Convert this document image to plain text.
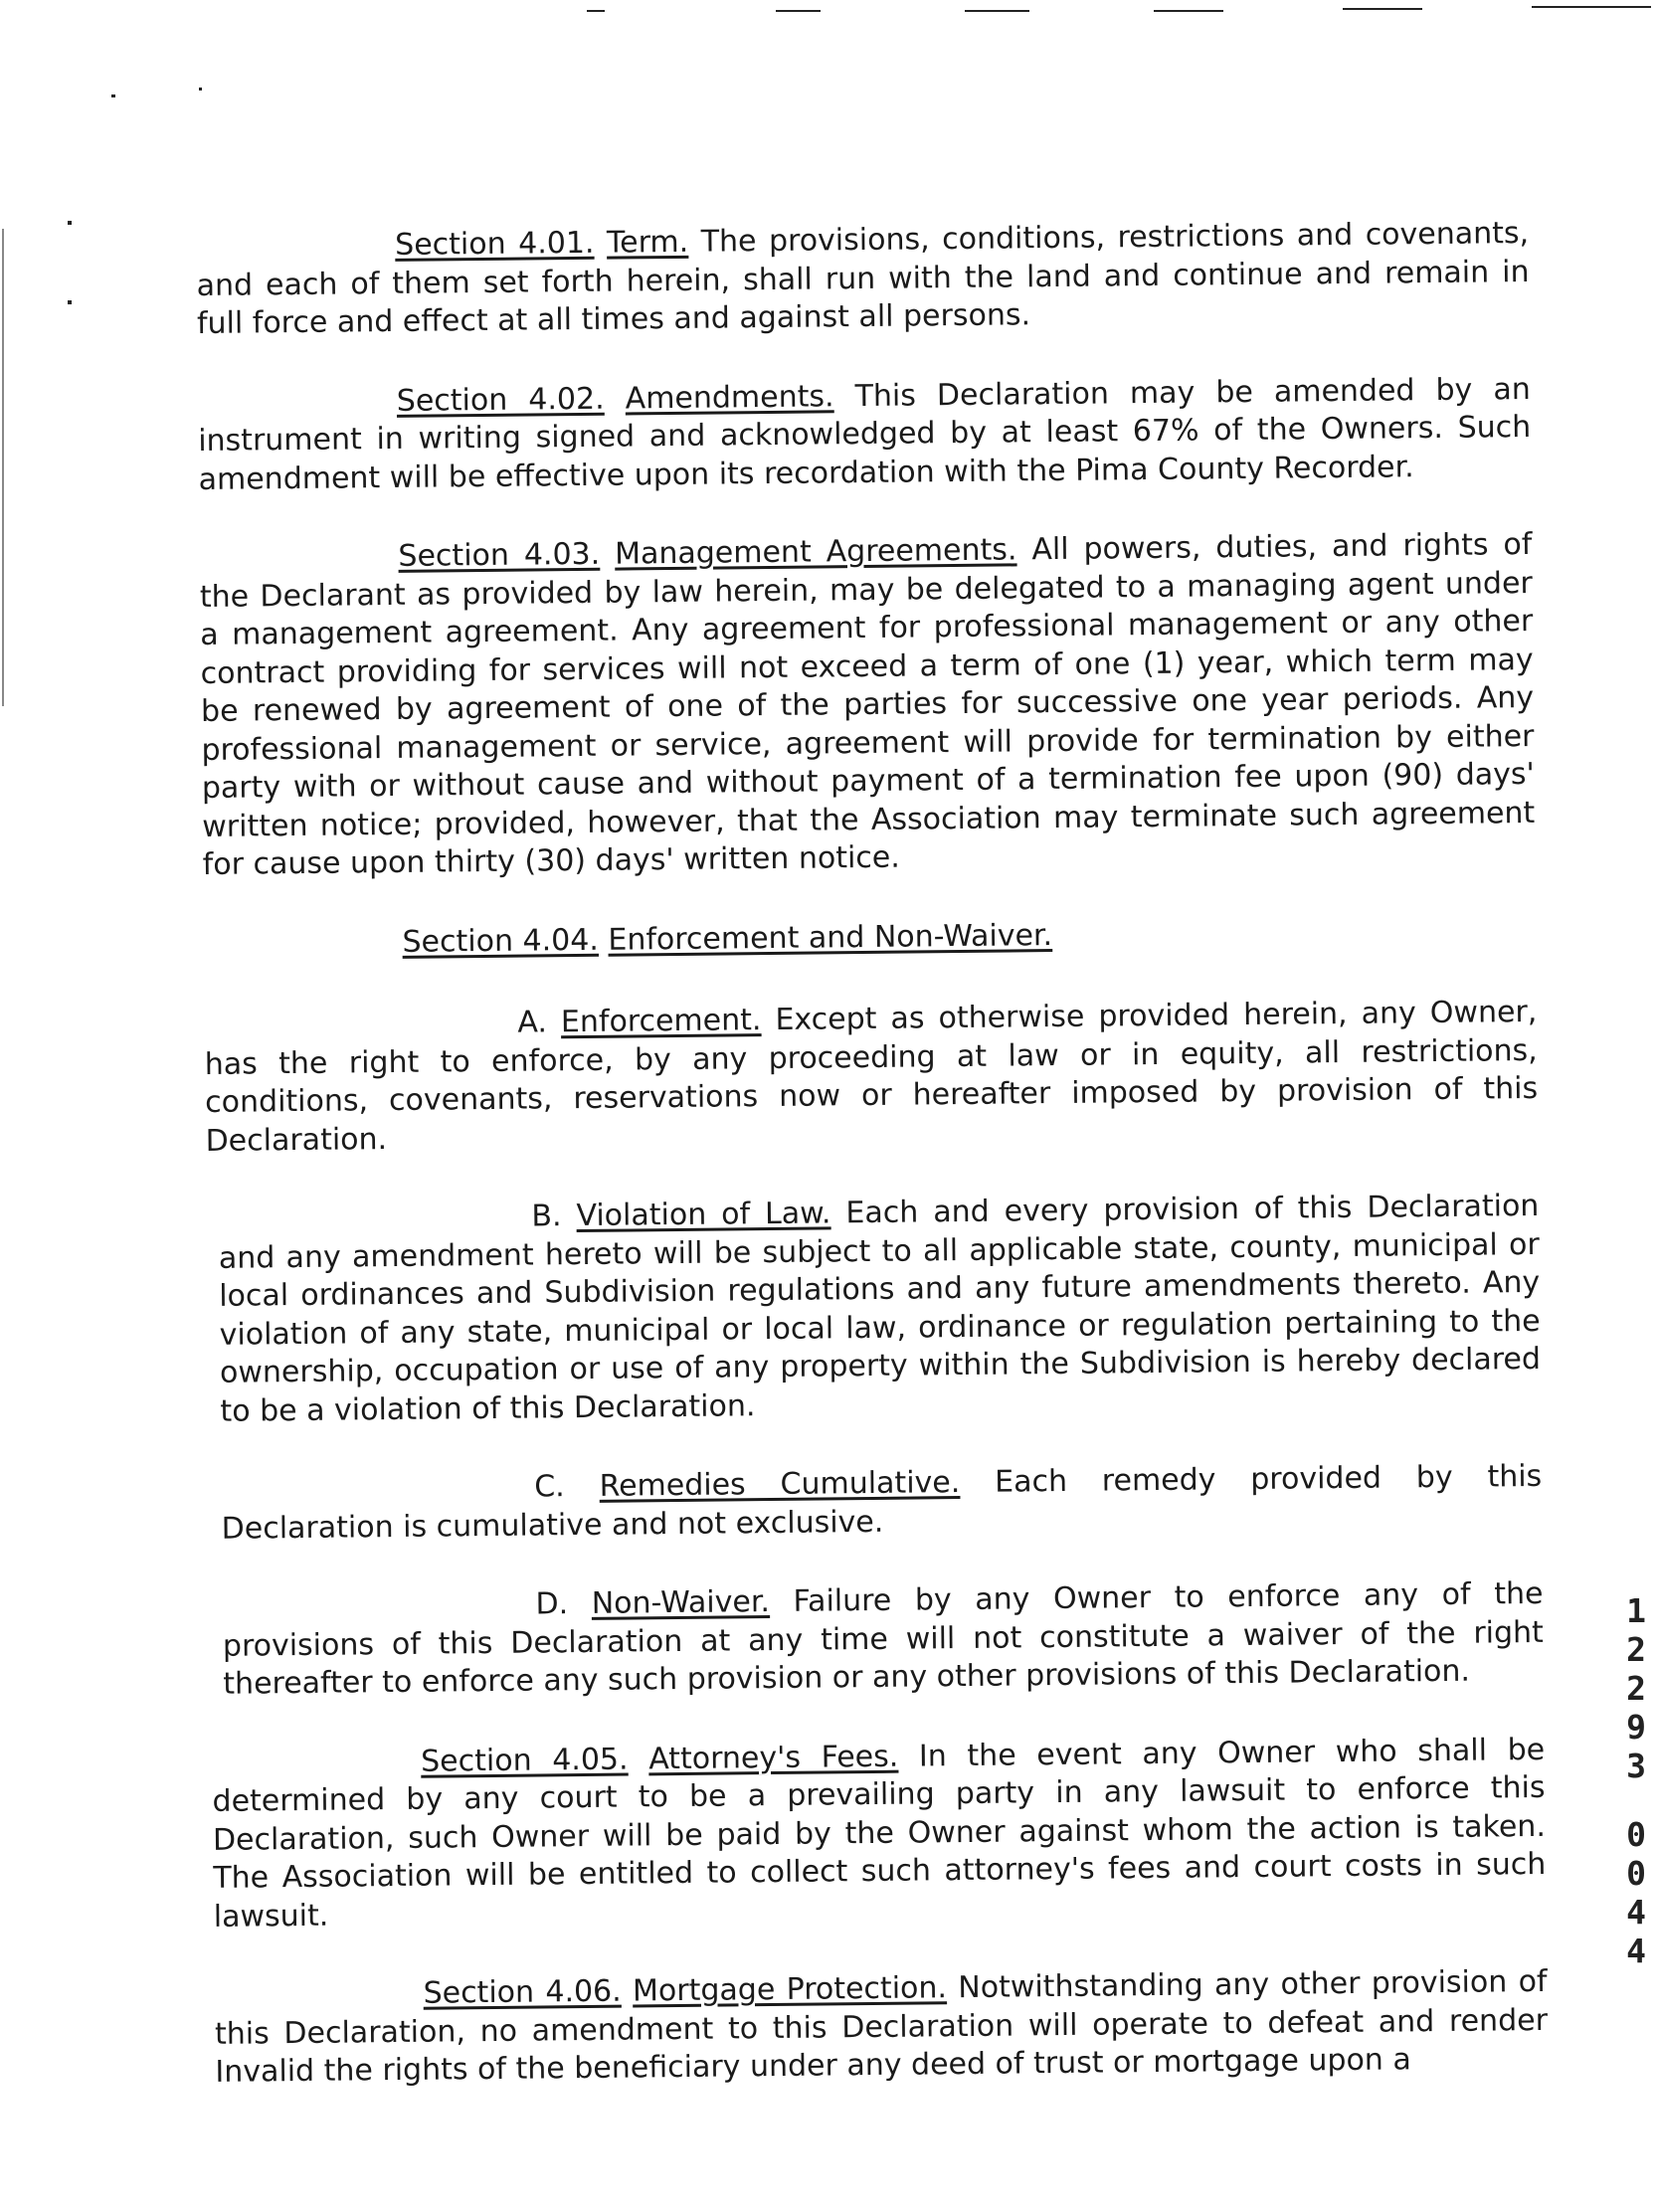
Section 4.01. Term. The provisions, conditions, restrictions and covenants, and each of them set forth herein, shall run with the land and continue and remain in full force and effect at all times and against all persons.

Section 4.02. Amendments. This Declaration may be amended by an instrument in writing signed and acknowledged by at least 67% of the Owners. Such amendment will be effective upon its recordation with the Pima County Recorder.

Section 4.03. Management Agreements. All powers, duties, and rights of the Declarant as provided by law herein, may be delegated to a managing agent under a management agreement. Any agreement for professional management or any other contract providing for services will not exceed a term of one (1) year, which term may be renewed by agreement of one of the parties for successive one year periods. Any professional management or service, agreement will provide for termination by either party with or without cause and without payment of a termination fee upon (90) days' written notice; provided, however, that the Association may terminate such agreement for cause upon thirty (30) days' written notice.

Section 4.04. Enforcement and Non-Waiver.

A. Enforcement. Except as otherwise provided herein, any Owner, has the right to enforce, by any proceeding at law or in equity, all restrictions, conditions, covenants, reservations now or hereafter imposed by provision of this Declaration.

B. Violation of Law. Each and every provision of this Declaration and any amendment hereto will be subject to all applicable state, county, municipal or local ordinances and Subdivision regulations and any future amendments thereto. Any violation of any state, municipal or local law, ordinance or regulation pertaining to the ownership, occupation or use of any property within the Subdivision is hereby declared to be a violation of this Declaration.

C. Remedies Cumulative. Each remedy provided by this Declaration is cumulative and not exclusive.

D. Non-Waiver. Failure by any Owner to enforce any of the provisions of this Declaration at any time will not constitute a waiver of the right thereafter to enforce any such provision or any other provisions of this Declaration.

Section 4.05. Attorney's Fees. In the event any Owner who shall be determined by any court to be a prevailing party in any lawsuit to enforce this Declaration, such Owner will be paid by the Owner against whom the action is taken. The Association will be entitled to collect such attorney's fees and court costs in such lawsuit.

Section 4.06. Mortgage Protection. Notwithstanding any other provision of this Declaration, no amendment to this Declaration will operate to defeat and render Invalid the rights of the beneficiary under any deed of trust or mortgage upon a

1
2
2
9
3
0
0
4
4
